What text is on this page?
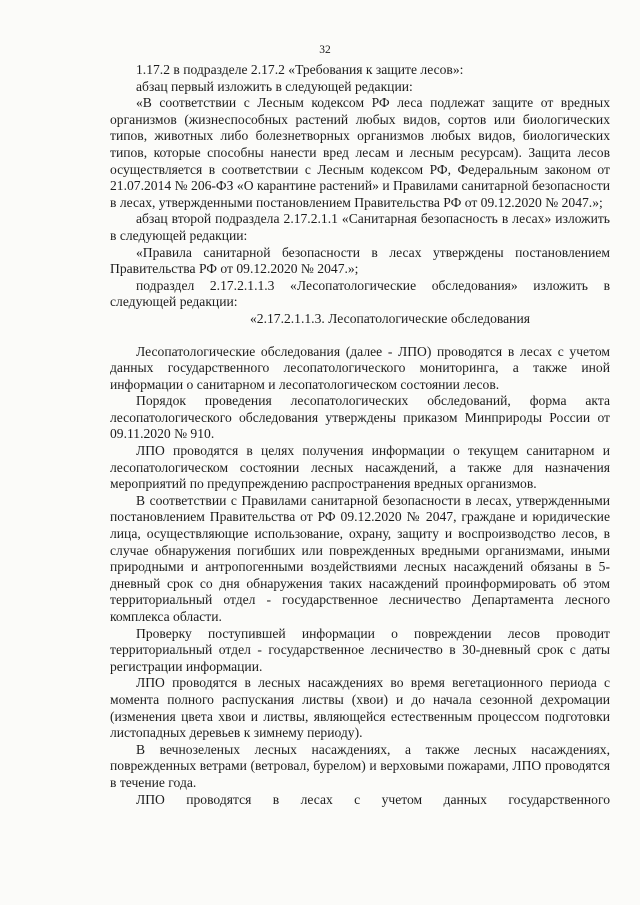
32

1.17.2 в подразделе 2.17.2 «Требования к защите лесов»:

абзац первый изложить в следующей редакции:

«В соответствии с Лесным кодексом РФ леса подлежат защите от вредных организмов (жизнеспособных растений любых видов, сортов или биологических типов, животных либо болезнетворных организмов любых видов, биологических типов, которые способны нанести вред лесам и лесным ресурсам). Защита лесов осуществляется в соответствии с Лесным кодексом РФ, Федеральным законом от 21.07.2014 № 206-ФЗ «О карантине растений» и Правилами санитарной безопасности в лесах, утвержденными постановлением Правительства РФ от 09.12.2020 № 2047.»;

абзац второй подраздела 2.17.2.1.1 «Санитарная безопасность в лесах» изложить в следующей редакции:

«Правила санитарной безопасности в лесах утверждены постановлением Правительства РФ от 09.12.2020 № 2047.»;

подраздел 2.17.2.1.1.3 «Лесопатологические обследования» изложить в следующей редакции:

«2.17.2.1.1.3. Лесопатологические обследования

Лесопатологические обследования (далее - ЛПО) проводятся в лесах с учетом данных государственного лесопатологического мониторинга, а также иной информации о санитарном и лесопатологическом состоянии лесов.

Порядок проведения лесопатологических обследований, форма акта лесопатологического обследования утверждены приказом Минприроды России от 09.11.2020 № 910.

ЛПО проводятся в целях получения информации о текущем санитарном и лесопатологическом состоянии лесных насаждений, а также для назначения мероприятий по предупреждению распространения вредных организмов.

В соответствии с Правилами санитарной безопасности в лесах, утвержденными постановлением Правительства от РФ 09.12.2020 № 2047, граждане и юридические лица, осуществляющие использование, охрану, защиту и воспроизводство лесов, в случае обнаружения погибших или поврежденных вредными организмами, иными природными и антропогенными воздействиями лесных насаждений обязаны в 5-дневный срок со дня обнаружения таких насаждений проинформировать об этом территориальный отдел - государственное лесничество Департамента лесного комплекса области.

Проверку поступившей информации о повреждении лесов проводит территориальный отдел - государственное лесничество в 30-дневный срок с даты регистрации информации.

ЛПО проводятся в лесных насаждениях во время вегетационного периода с момента полного распускания листвы (хвои) и до начала сезонной дехромации (изменения цвета хвои и листвы, являющейся естественным процессом подготовки листопадных деревьев к зимнему периоду).

В вечнозеленых лесных насаждениях, а также лесных насаждениях, поврежденных ветрами (ветровал, бурелом) и верховыми пожарами, ЛПО проводятся в течение года.

ЛПО проводятся в лесах с учетом данных государственного
